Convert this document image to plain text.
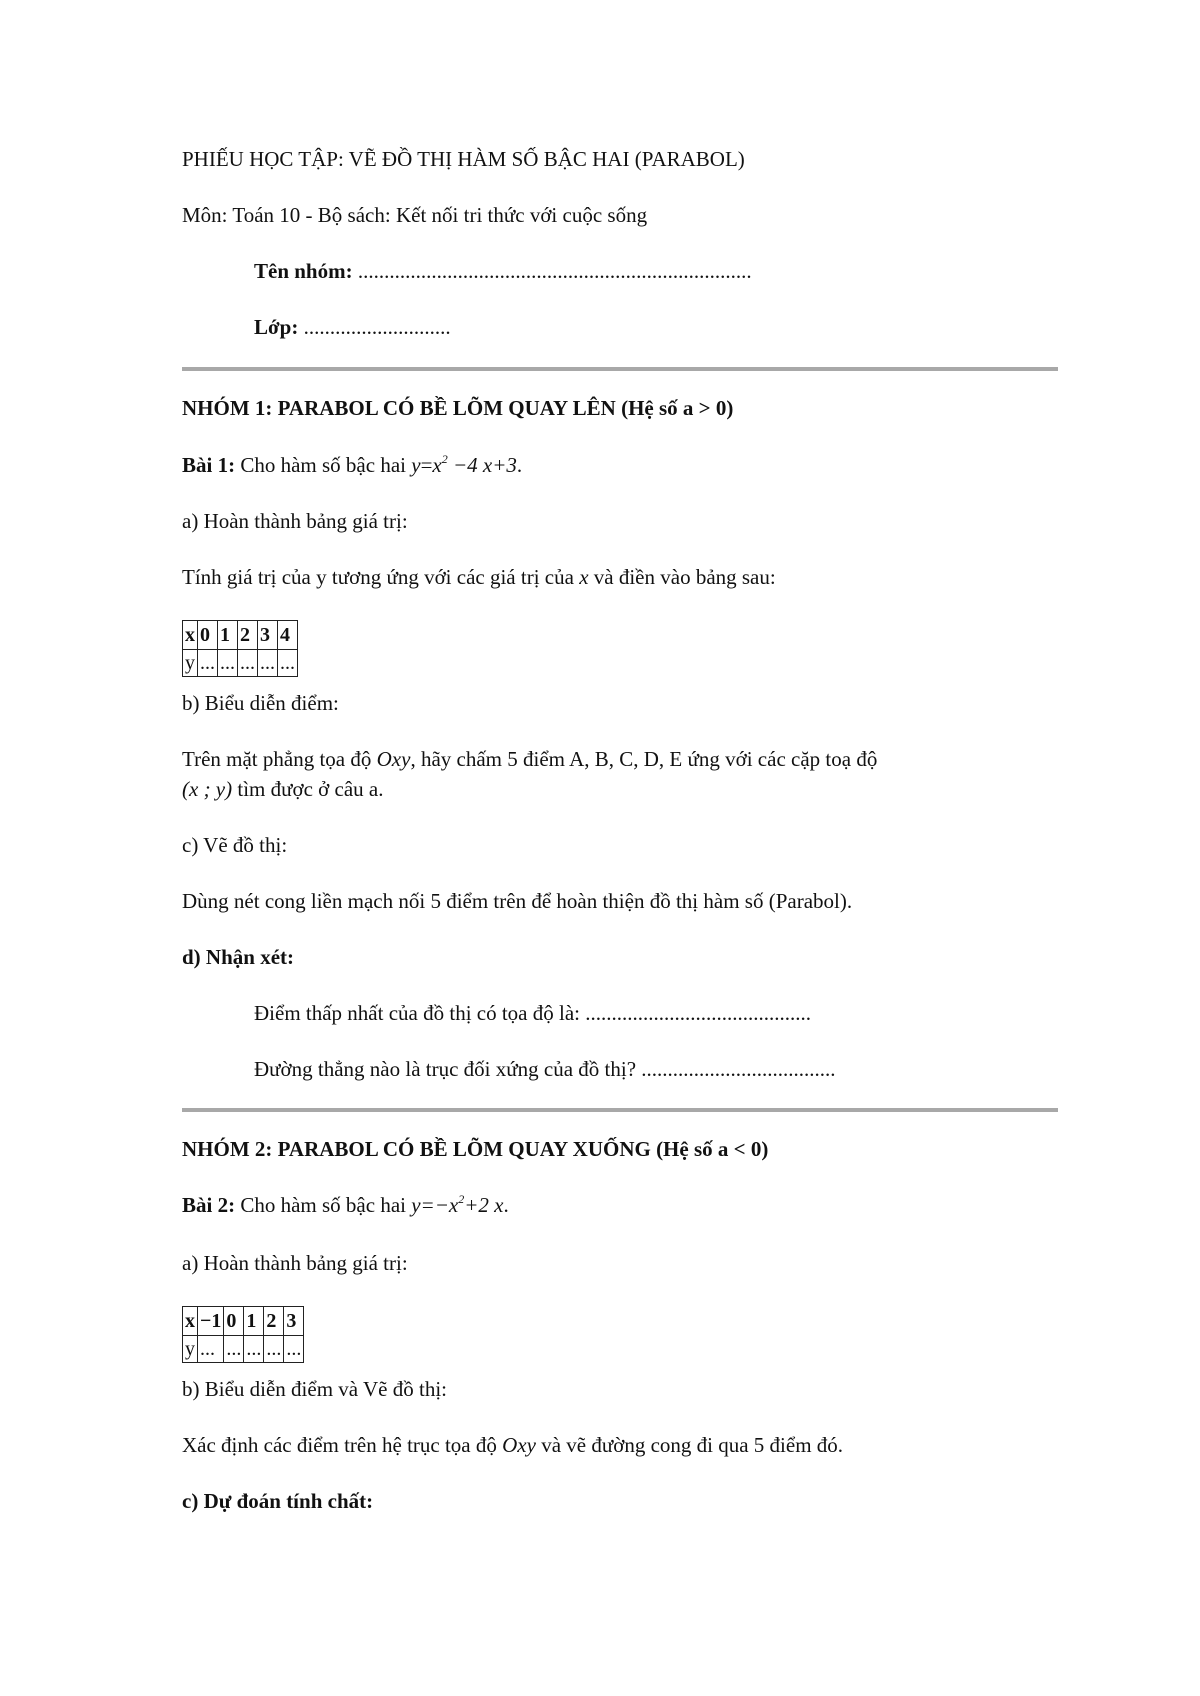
PHIẾU HỌC TẬP: VẼ ĐỒ THỊ HÀM SỐ BẬC HAI (PARABOL)
Môn: Toán 10 - Bộ sách: Kết nối tri thức với cuộc sống
Tên nhóm: ...........................................................................
Lớp: ............................
NHÓM 1: PARABOL CÓ BỀ LÕM QUAY LÊN (Hệ số a > 0)
Bài 1: Cho hàm số bậc hai $y=x^2 -4$ x+3.
a) Hoàn thành bảng giá trị:
Tính giá trị của y tương ứng với các giá trị của x và điền vào bảng sau:
x	0	1	2	3	4
y	...	...	...	...	...
b) Biểu diễn điểm:
Trên mặt phẳng tọa độ Oxy, hãy chấm 5 điểm A, B, C, D, E ứng với các cặp toạ độ
(x ; y) tìm được ở câu a.
c) Vẽ đồ thị:
Dùng nét cong liền mạch nối 5 điểm trên để hoàn thiện đồ thị hàm số (Parabol).
d) Nhận xét:
Điểm thấp nhất của đồ thị có tọa độ là: ...........................................
Đường thẳng nào là trục đối xứng của đồ thị? .....................................
NHÓM 2: PARABOL CÓ BỀ LÕM QUAY XUỐNG (Hệ số a < 0)
Bài 2: Cho hàm số bậc hai $y=-x^2+2$ x.
a) Hoàn thành bảng giá trị:
x	−1	0	1	2	3
y	...	...	...	...	...
b) Biểu diễn điểm và Vẽ đồ thị:
Xác định các điểm trên hệ trục tọa độ Oxy và vẽ đường cong đi qua 5 điểm đó.
c) Dự đoán tính chất:
